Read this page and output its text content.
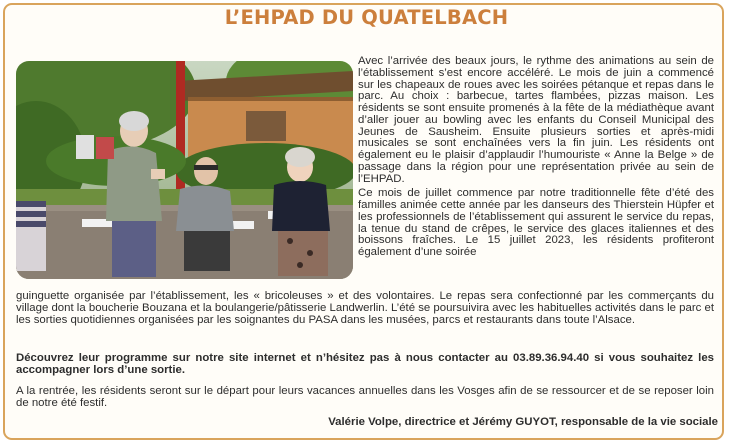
L’EHPAD DU QUATELBACH

Avec l’arrivée des beaux jours, le rythme des animations au sein de l’établissement s’est encore accéléré. Le mois de juin a commencé sur les chapeaux de roues avec les soirées pétanque et repas dans le parc. Au choix : barbecue, tartes flambées, pizzas maison. Les résidents se sont ensuite promenés à la fête de la médiathèque avant d’aller jouer au bowling avec les enfants du Conseil Municipal des Jeunes de Sausheim. Ensuite plusieurs sorties et après-midi musicales se sont enchaînées vers la fin juin. Les résidents ont également eu le plaisir d’applaudir l’humouriste « Anne la Belge » de passage dans la région pour une représentation privée au sein de l’EHPAD.

Ce mois de juillet commence par notre traditionnelle fête d’été des familles animée cette année par les danseurs des Thierstein Hüpfer et les professionnels de l’établissement qui assurent le service du repas, la tenue du stand de crêpes, le service des glaces italiennes et des boissons fraîches. Le 15 juillet 2023, les résidents profiteront également d’une soirée

guinguette organisée par l’établissement, les « bricoleuses » et des volontaires. Le repas sera confectionné par les commerçants du village dont la boucherie Bouzana et la boulangerie/pâtisserie Landwerlin. L’été se poursuivira avec les habituelles activités dans le parc et les sorties quotidiennes organisées par les soignantes du PASA dans les musées, parcs et restaurants dans toute l’Alsace.

Découvrez leur programme sur notre site internet et n’hésitez pas à nous contacter au 03.89.36.94.40 si vous souhaitez les accompagner lors d’une sortie.

A la rentrée, les résidents seront sur le départ pour leurs vacances annuelles dans les Vosges afin de se ressourcer et de se reposer loin de notre été festif.

Valérie Volpe, directrice et Jérémy GUYOT, responsable de la vie sociale
